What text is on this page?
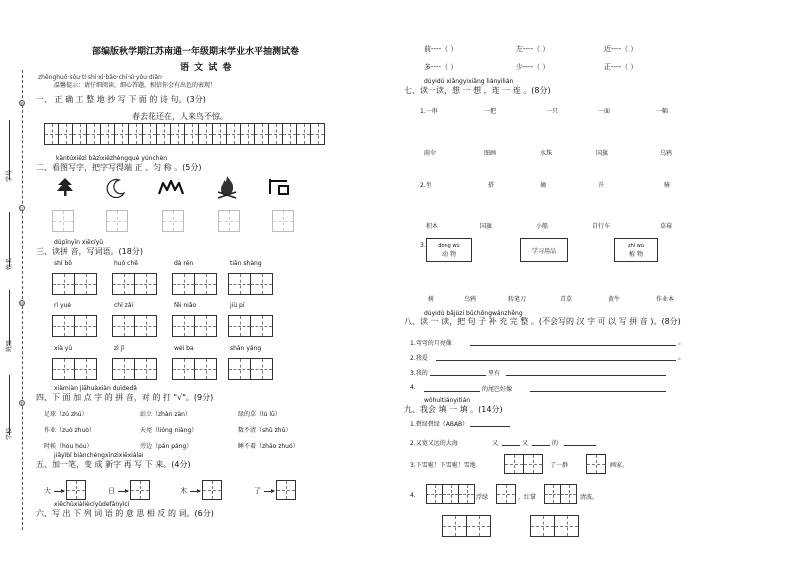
学号
姓名
班级
学校
装
订
线
装
部编版秋学期江苏南通一年级期末学业水平抽测试卷
语 文 试 卷
zhēnghuǒ·sōu·tí·shì·xì·bǎo·chí·sì·yǒu·diǎn·
温馨提示：请仔细阅读，细心答题，相信你会有出色的表现！
一、 正 确 工 整 地 抄 写 下 面 的 诗 句。(3分)
春去花还在，人来鸟不惊。
kàntúxiězì bǎzìxiězhèngquè yúnchèn
二、看图写字，把字写得端 正 、匀 称 。(5分)
dúpīnyīn xiěcíyǔ
三、读拼 音，写词语。(18分)
shí bō	huǒ chē	dà rén	tiān shàng
rì yuè	chī zǎi	fēi niǎo	jiù pí
xià yǔ	zì jǐ	wéi ba	shān yáng
xiàmiàn jiāhuàxiàn duìdedǎ
四、下 面 加 点 字 的 拼 音，对 的 打 "√"。(9分)
足球（zú zhú）	站立（zhàn zàn）	绿的草（lù lǜ）
作业（zuò zhuò）	天亮（lióng niàng）	数不清（shǔ zhǔ）
时候（hou hóu）	旁边（pán páng）	睡不着（zháo zhuó）
jiāyìbǐ biànchéngxīnzìxiěxiàlai
五、加一笔，变 成 新字 再 写 下 来。(4分)
大	日	木	了
xiěchūxiàliècíyǔdefǎnyìcí
六、写 出 下 列 词 语 的 意 思 相 反 的 词。(6分)
前----（ ）	左----（ ）	近----（ ）
多----（ ）	少----（ ）	正----（ ）
dúyidú xiǎngyixiǎng liányilián
七、读一读，想 一 想 ，连 一 连 。(8分)
1.一串	一把	一只	一面	一幅
雨伞	图画	水珠	国旗	乌鸦
2.坐	搭	摘	升	骑
积木	国旗	小船	自行车	草莓
3.	dòng wù
动 物	学习用品
zhí wù
植 物
树	乌鸦	转笔刀	青草	黄牛	作业本
dúyidú bǎjùzi bǔchōngwánzhěng
八、读 一 读，把 句 子 补 充 完 整 。(不会写的 汉 字 可 以 写 拼 音 )。(8分)
1.弯弯的月亮像
2.我爱
3.我的
4.
。
。
里有
的尾巴好像
wǒhuìtiányitián
九、我会 填 一 填 。(14分)
1.碧绿碧绿（ABAB）
2.又宽又远的大海	又	又	的
3.下雪啦！下雪啦！雪地	了一群	画家。
4.	浮绿	，红掌	清波。
